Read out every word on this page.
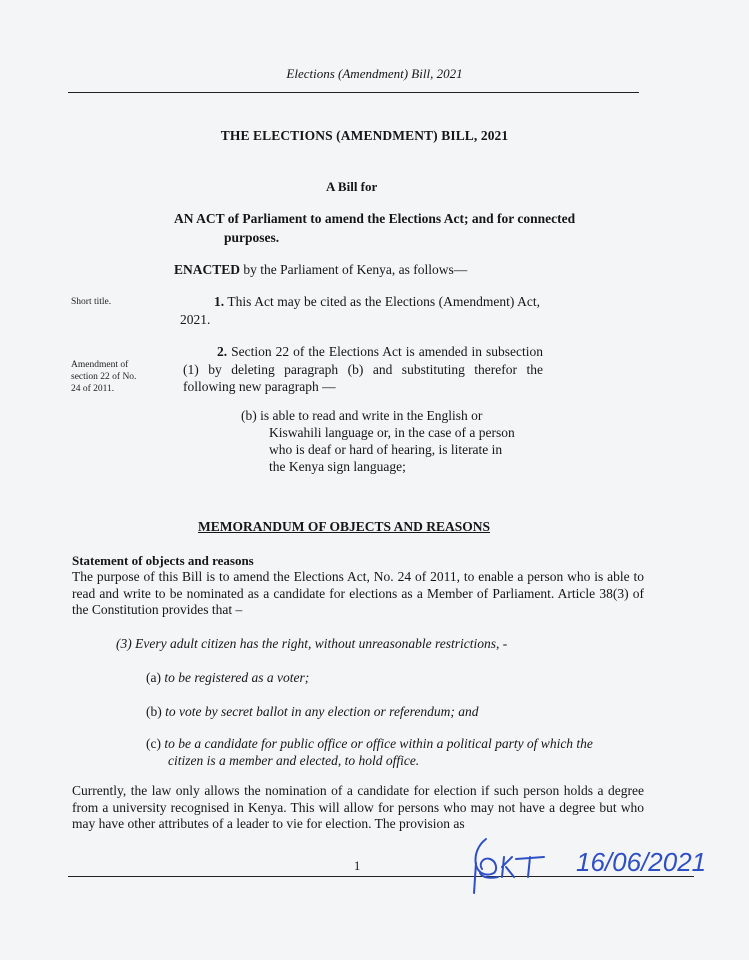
Elections (Amendment) Bill, 2021
THE ELECTIONS (AMENDMENT) BILL, 2021
A Bill for
AN ACT of Parliament to amend the Elections Act; and for connected
purposes.
ENACTED by the Parliament of Kenya, as follows—
Short title.	1. This Act may be cited as the Elections (Amendment) Act, 2021.
Amendment of
section 22 of No.
24 of 2011.
2. Section 22 of the Elections Act is amended in subsection (1) by deleting paragraph (b) and substituting therefor the following new paragraph —
(b) is able to read and write in the English or
Kiswahili language or, in the case of a person
who is deaf or hard of hearing, is literate in
the Kenya sign language;
MEMORANDUM OF OBJECTS AND REASONS
Statement of objects and reasons
The purpose of this Bill is to amend the Elections Act, No. 24 of 2011, to enable a person who is able to read and write to be nominated as a candidate for elections as a Member of Parliament. Article 38(3) of the Constitution provides that –
(3) Every adult citizen has the right, without unreasonable restrictions, -
(a) to be registered as a voter;
(b) to vote by secret ballot in any election or referendum; and
(c) to be a candidate for public office or office within a political party of which the
citizen is a member and elected, to hold office.
Currently, the law only allows the nomination of a candidate for election if such person holds a degree from a university recognised in Kenya. This will allow for persons who may not have a degree but who may have other attributes of a leader to vie for election. The provision as
1	16/06/2021
